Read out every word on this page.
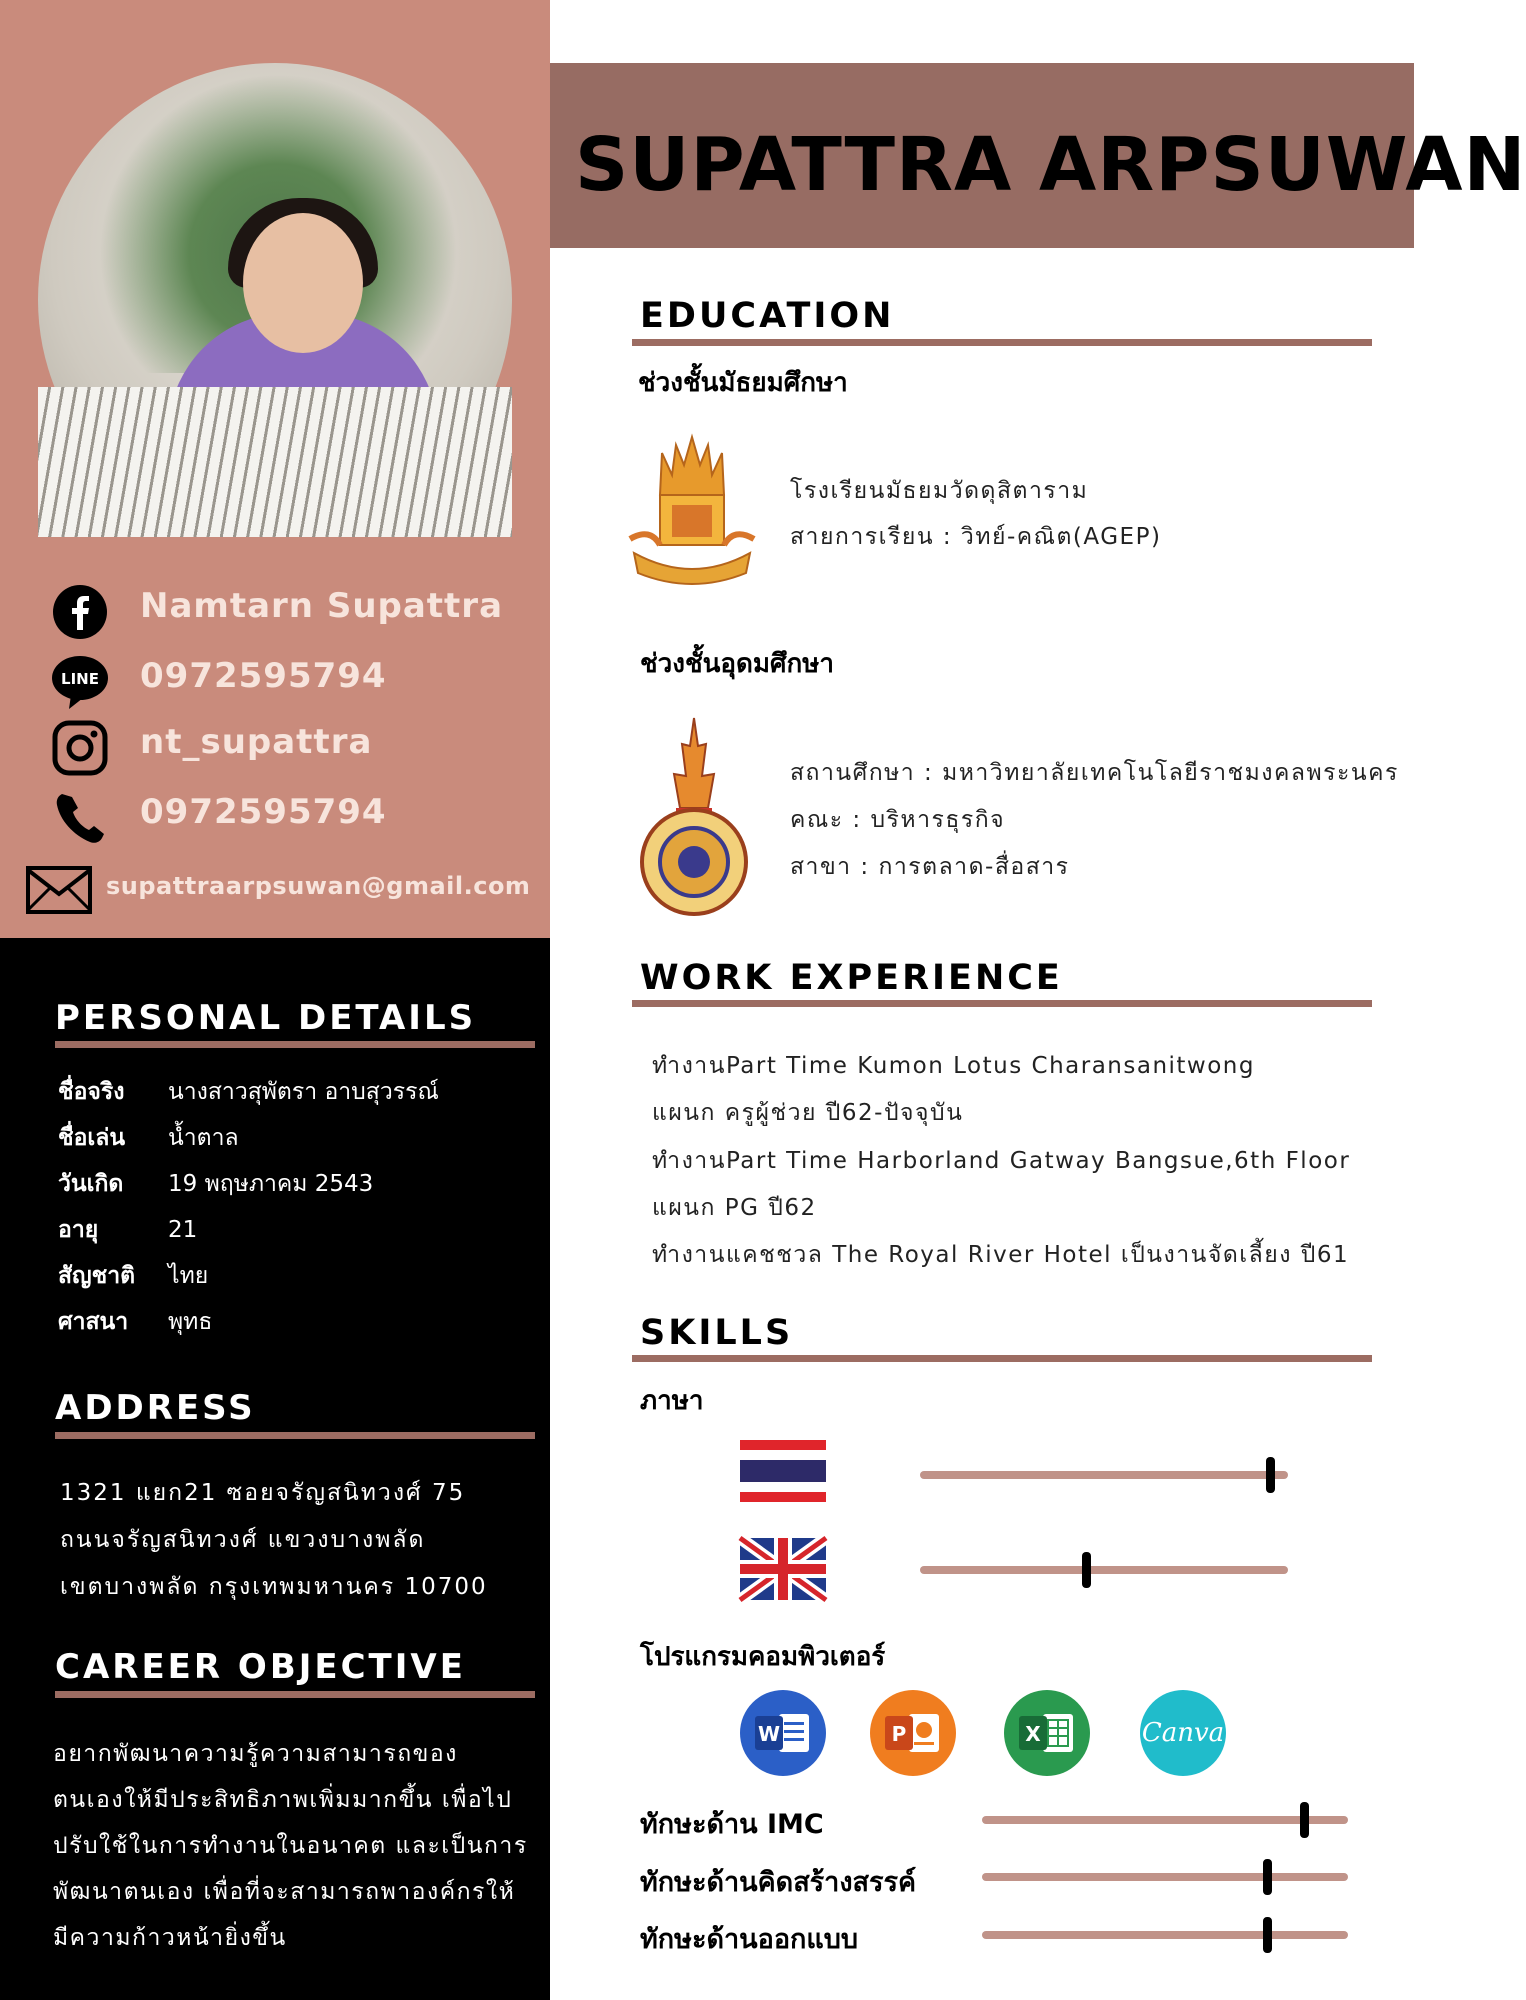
Namtarn Supattra
LINE 0972595794
nt_supattra
0972595794
supattraarpsuwan@gmail.com
PERSONAL DETAILS
ชื่อจริง นางสาวสุพัตรา อาบสุวรรณ์
ชื่อเล่น น้ำตาล
วันเกิด 19 พฤษภาคม 2543
อายุ	21
สัญชาติ ไทย
ศาสนา พุทธ
ADDRESS
1321 แยก21 ซอยจรัญสนิทวงศ์ 75
ถนนจรัญสนิทวงศ์ แขวงบางพลัด
เขตบางพลัด กรุงเทพมหานคร 10700
CAREER OBJECTIVE
อยากพัฒนาความรู้ความสามารถของ
ตนเองให้มีประสิทธิภาพเพิ่มมากขึ้น เพื่อไป
ปรับใช้ในการทำงานในอนาคต และเป็นการ
พัฒนาตนเอง เพื่อที่จะสามารถพาองค์กรให้
มีความก้าวหน้ายิ่งขึ้น
SUPATTRA ARPSUWAN
EDUCATION
ช่วงชั้นมัธยมศึกษา
โรงเรียนมัธยมวัดดุสิตาราม
สายการเรียน : วิทย์-คณิต(AGEP)
ช่วงชั้นอุดมศึกษา
สถานศึกษา : มหาวิทยาลัยเทคโนโลยีราชมงคลพระนคร
คณะ : บริหารธุรกิจ
สาขา : การตลาด-สื่อสาร
WORK EXPERIENCE
ทำงานPart Time Kumon Lotus Charansanitwong
แผนก ครูผู้ช่วย ปี62-ปัจจุบัน
ทำงานPart Time Harborland Gatway Bangsue,6th Floor
แผนก PG ปี62
ทำงานแคชชวล The Royal River Hotel เป็นงานจัดเลี้ยง ปี61
SKILLS
ภาษา
โปรแกรมคอมพิวเตอร์
W	P	X	Canva
ทักษะด้าน IMC
ทักษะด้านคิดสร้างสรรค์
ทักษะด้านออกแบบ
